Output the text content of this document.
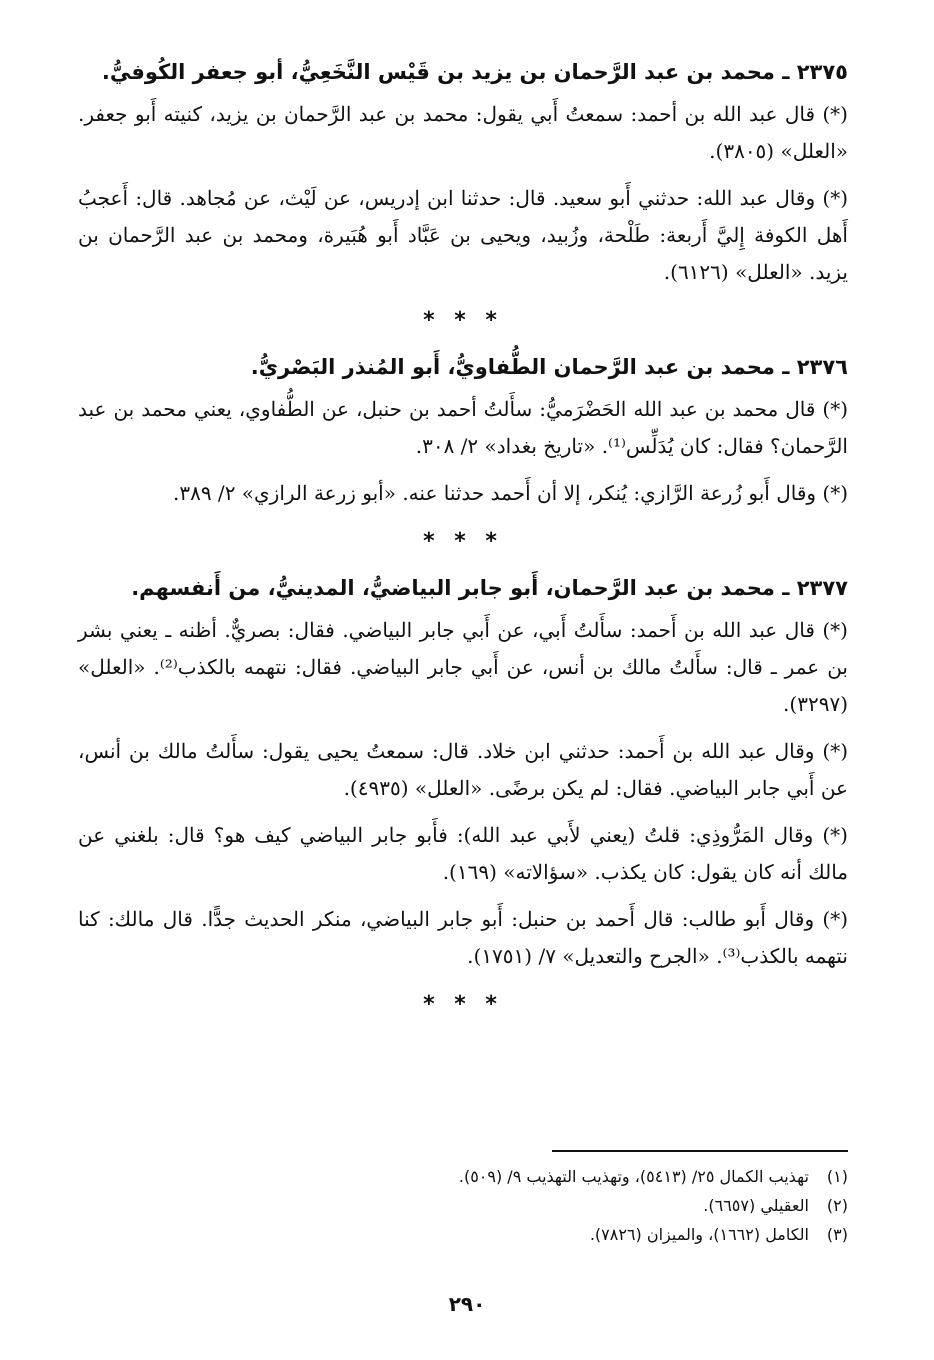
٢٣٧٥ ـ محمد بن عبد الرَّحمان بن يزيد بن قَيْس النَّخَعِيُّ، أبو جعفر الكُوفيُّ.

(*) قال عبد الله بن أحمد: سمعتُ أَبي يقول: محمد بن عبد الرَّحمان بن يزيد، كنيته أَبو جعفر. «العلل» (٣٨٠٥).

(*) وقال عبد الله: حدثني أَبو سعيد. قال: حدثنا ابن إدريس، عن لَيْث، عن مُجاهد. قال: أَعجبُ أَهل الكوفة إِليَّ أَربعة: طَلْحة، وزُبيد، ويحيى بن عَبَّاد أَبو هُبَيرة، ومحمد بن عبد الرَّحمان بن يزيد. «العلل» (٦١٢٦).

* * *
٢٣٧٦ ـ محمد بن عبد الرَّحمان الطُّفاويُّ، أَبو المُنذر البَصْريُّ.

(*) قال محمد بن عبد الله الحَضْرَميُّ: سأَلتُ أحمد بن حنبل، عن الطُّفاوي، يعني محمد بن عبد الرَّحمان؟ فقال: كان يُدَلِّس⁽¹⁾. «تاريخ بغداد» ٢/ ٣٠٨.

(*) وقال أَبو زُرعة الرَّازي: يُنكر، إلا أن أَحمد حدثنا عنه. «أبو زرعة الرازي» ٢/ ٣٨٩.

* * *
٢٣٧٧ ـ محمد بن عبد الرَّحمان، أَبو جابر البياضيُّ، المدينيُّ، من أَنفسهم.

(*) قال عبد الله بن أَحمد: سأَلتُ أَبي، عن أَبي جابر البياضي. فقال: بصريٌّ. أظنه ـ يعني بشر بن عمر ـ قال: سأَلتُ مالك بن أنس، عن أَبي جابر البياضي. فقال: نتهمه بالكذب⁽²⁾. «العلل» (٣٢٩٧).

(*) وقال عبد الله بن أَحمد: حدثني ابن خلاد. قال: سمعتُ يحيى يقول: سأَلتُ مالك بن أنس، عن أَبي جابر البياضي. فقال: لم يكن برضًى. «العلل» (٤٩٣٥).

(*) وقال المَرُّوذِي: قلتُ (يعني لأَبي عبد الله): فأَبو جابر البياضي كيف هو؟ قال: بلغني عن مالك أنه كان يقول: كان يكذب. «سؤالاته» (١٦٩).

(*) وقال أَبو طالب: قال أَحمد بن حنبل: أَبو جابر البياضي، منكر الحديث جدًّا. قال مالك: كنا نتهمه بالكذب⁽³⁾. «الجرح والتعديل» ٧/ (١٧٥١).

* * *
(١) تهذيب الكمال ٢٥/ (٥٤١٣)، وتهذيب التهذيب ٩/ (٥٠٩).
(٢) العقيلي (٦٦٥٧).
(٣) الكامل (١٦٦٢)، والميزان (٧٨٢٦).
٢٩٠
